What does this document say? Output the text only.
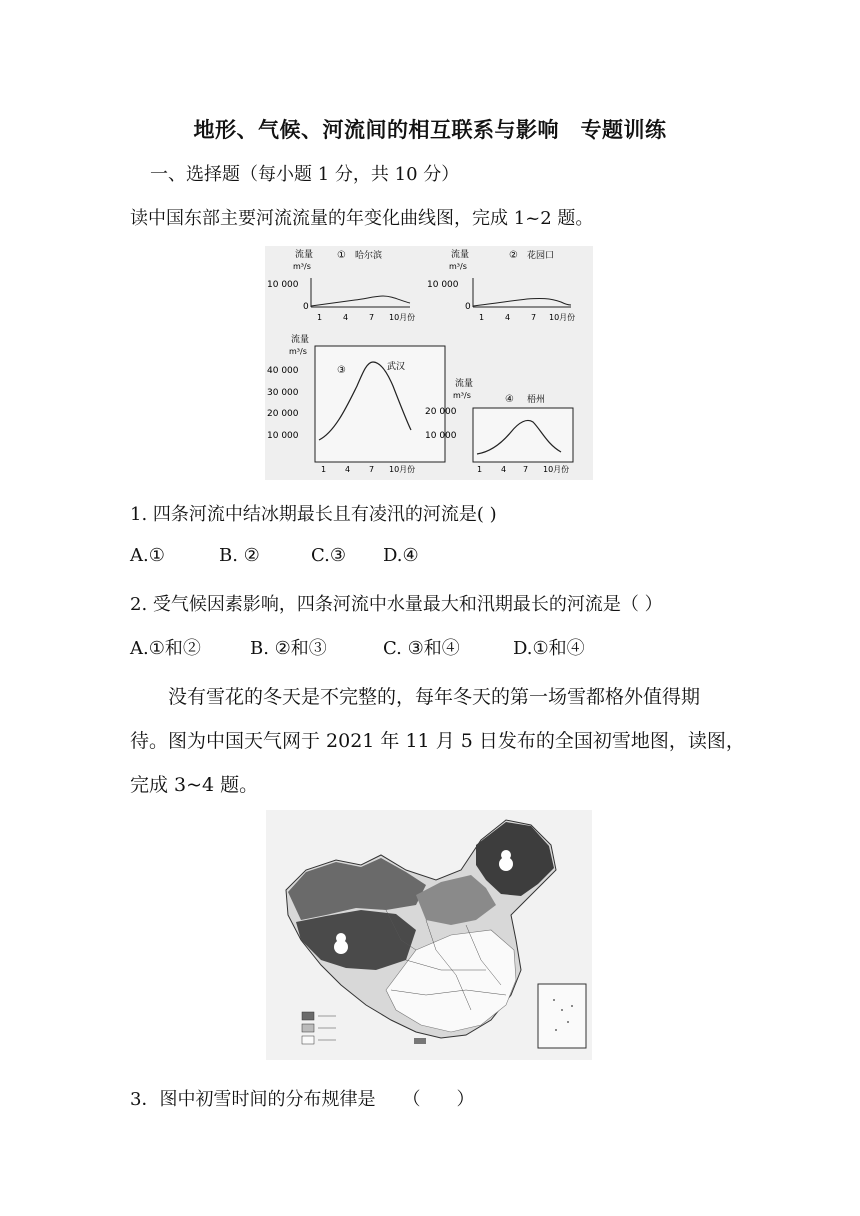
地形、气候、河流间的相互联系与影响　专题训练
一、选择题（每小题 1 分，共 10 分）
读中国东部主要河流流量的年变化曲线图，完成 1~2 题。
流量
m³/s
① 哈尔滨
10 000
0
1	4	7 10月份
流量
m³/s
② 花园口
10 000
0
1	4	7 10月份
流量
m³/s
③	武汉
40 000
30 000
20 000
10 000
1 4 7 10月份
流量
m³/s	④ 梧州
20 000
10 000
1 4 7 10月份
1. 四条河流中结冰期最长且有凌汛的河流是( )
A.①	B. ②	C.③ D.④
2. 受气候因素影响，四条河流中水量最大和汛期最长的河流是（ ）
A.①和②	B. ②和③	C. ③和④	D.①和④
没有雪花的冬天是不完整的，每年冬天的第一场雪都格外值得期
待。图为中国天气网于 2021 年 11 月 5 日发布的全国初雪地图，读图，
完成 3~4 题。
3．图中初雪时间的分布规律是　　（　　）
